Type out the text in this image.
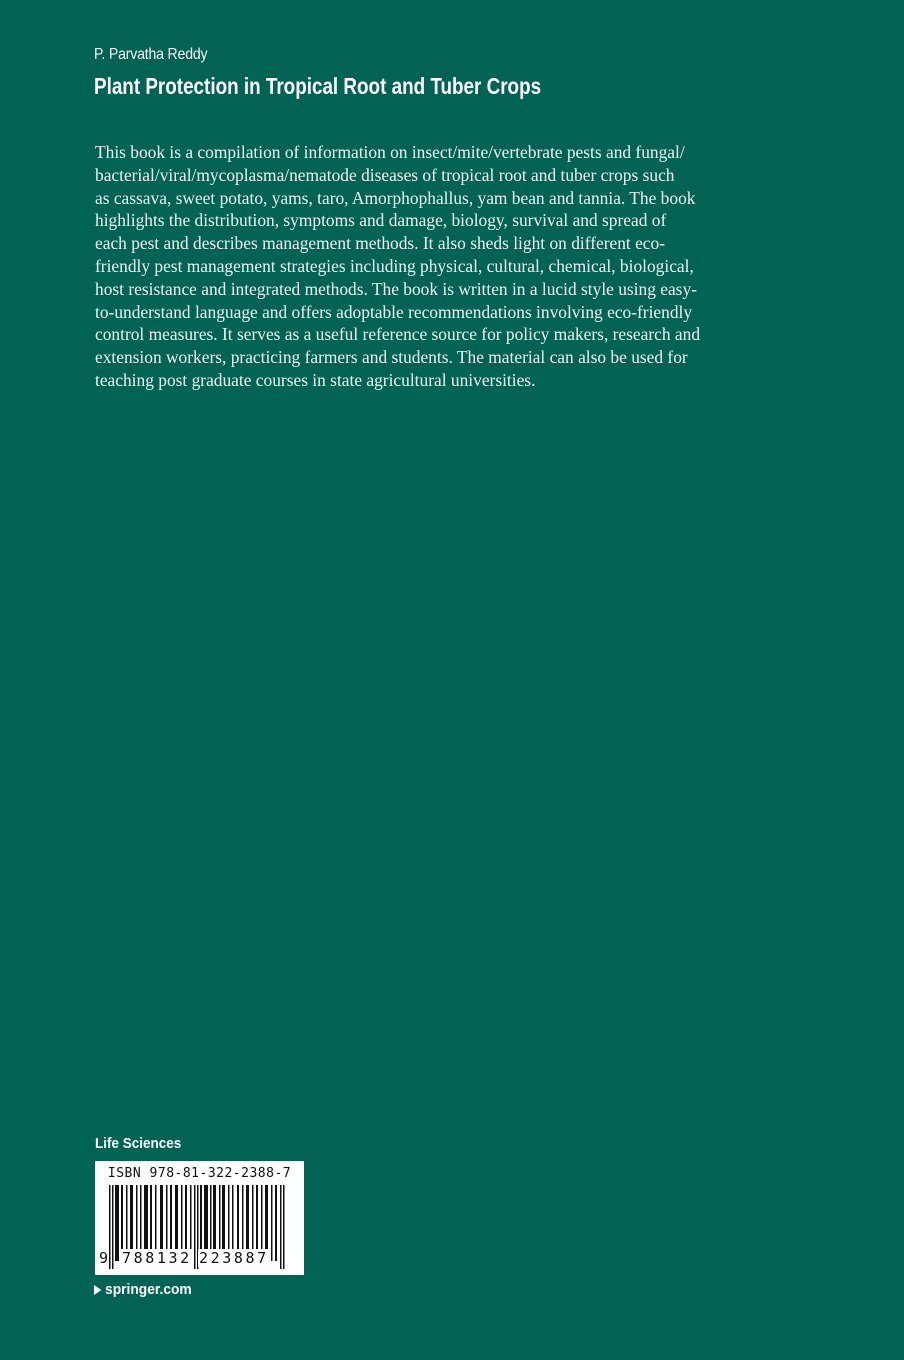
P. Parvatha Reddy
Plant Protection in Tropical Root and Tuber Crops
This book is a compilation of information on insect/mite/vertebrate pests and fungal/
bacterial/viral/mycoplasma/nematode diseases of tropical root and tuber crops such
as cassava, sweet potato, yams, taro, Amorphophallus, yam bean and tannia. The book
highlights the distribution, symptoms and damage, biology, survival and spread of
each pest and describes management methods. It also sheds light on different eco-
friendly pest management strategies including physical, cultural, chemical, biological,
host resistance and integrated methods. The book is written in a lucid style using easy-
to-understand language and offers adoptable recommendations involving eco-friendly
control measures. It serves as a useful reference source for policy makers, research and
extension workers, practicing farmers and students. The material can also be used for
teaching post graduate courses in state agricultural universities.
Life Sciences
ISBN 978-81-322-2388-7
9 788132 223887
springer.com
